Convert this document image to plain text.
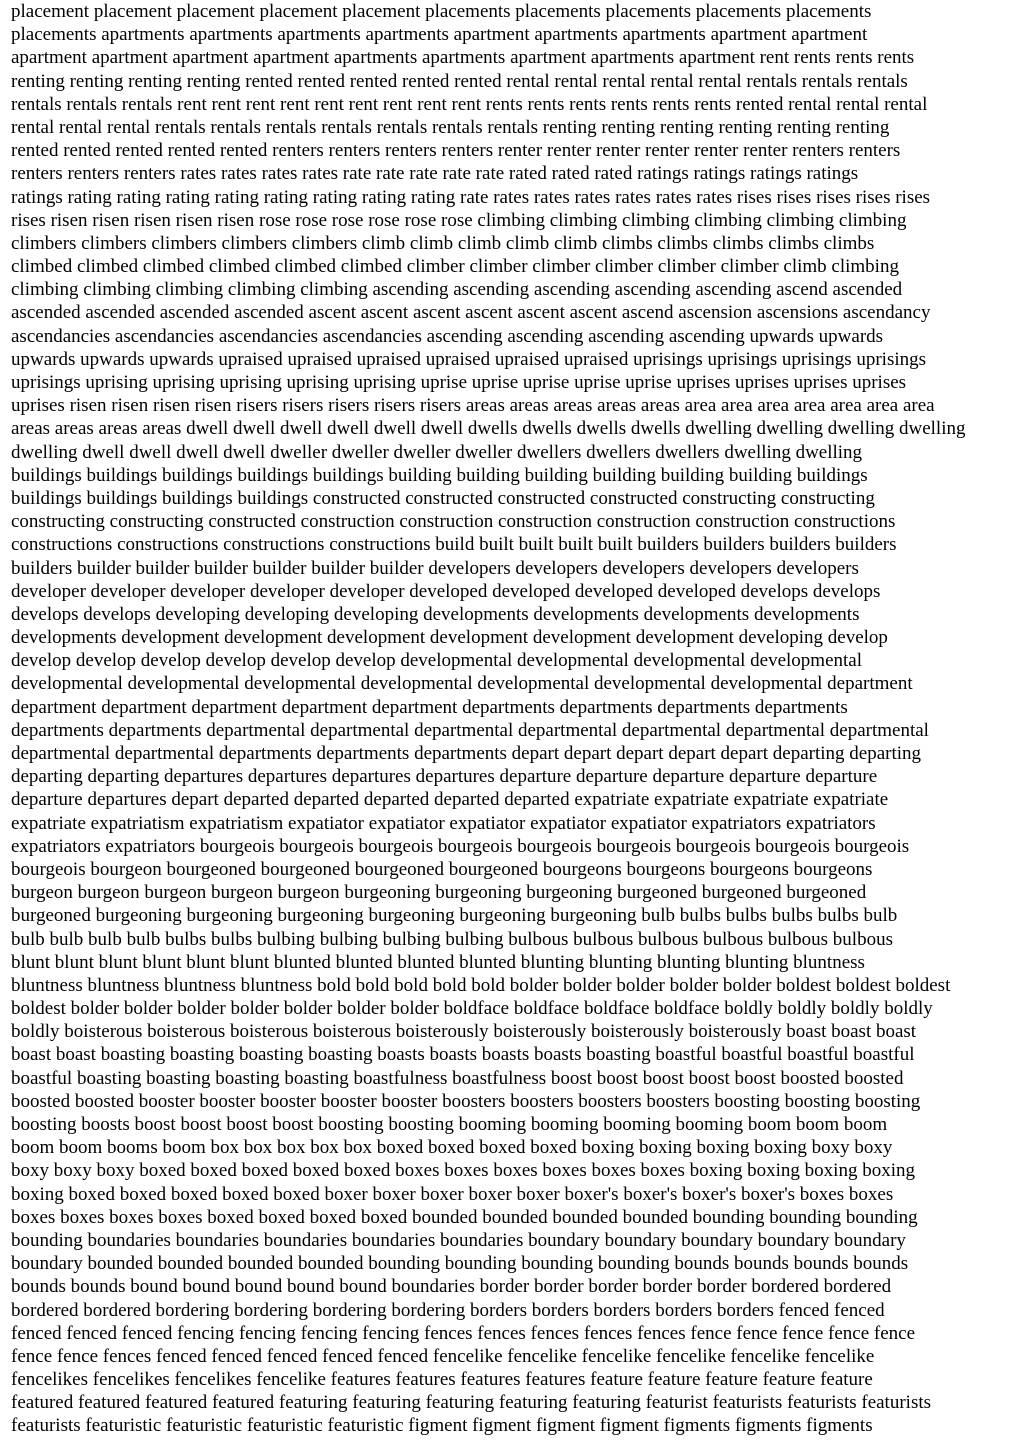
placement placement placement placement placement placements placements placements placements placements
placements apartments apartments apartments apartments apartment apartments apartments apartment apartment
apartment apartment apartment apartment apartments apartments apartment apartments apartment rent rents rents rents
renting renting renting renting rented rented rented rented rented rental rental rental rental rental rentals rentals rentals
rentals rentals rentals rent rent rent rent rent rent rent rent rent rents rents rents rents rents rents rented rental rental rental
rental rental rental rentals rentals rentals rentals rentals rentals rentals renting renting renting renting renting renting
rented rented rented rented rented renters renters renters renters renter renter renter renter renter renter renters renters
renters renters renters rates rates rates rates rate rate rate rate rate rated rated rated ratings ratings ratings ratings
ratings rating rating rating rating rating rating rating rating rate rates rates rates rates rates rates rises rises rises rises rises
rises risen risen risen risen risen rose rose rose rose rose rose climbing climbing climbing climbing climbing climbing
climbers climbers climbers climbers climbers climb climb climb climb climb climbs climbs climbs climbs climbs
climbed climbed climbed climbed climbed climbed climber climber climber climber climber climber climb climbing
climbing climbing climbing climbing climbing ascending ascending ascending ascending ascending ascend ascended
ascended ascended ascended ascended ascent ascent ascent ascent ascent ascent ascend ascension ascensions ascendancy
ascendancies ascendancies ascendancies ascendancies ascending ascending ascending ascending upwards upwards
upwards upwards upwards upraised upraised upraised upraised upraised upraised uprisings uprisings uprisings uprisings
uprisings uprising uprising uprising uprising uprising uprise uprise uprise uprise uprise uprises uprises uprises uprises
uprises risen risen risen risen risers risers risers risers risers areas areas areas areas areas area area area area area area area
areas areas areas areas dwell dwell dwell dwell dwell dwell dwells dwells dwells dwells dwelling dwelling dwelling dwelling
dwelling dwell dwell dwell dwell dweller dweller dweller dweller dwellers dwellers dwellers dwelling dwelling
buildings buildings buildings buildings buildings building building building building building building buildings
buildings buildings buildings buildings constructed constructed constructed constructed constructing constructing
constructing constructing constructed construction construction construction construction construction constructions
constructions constructions constructions constructions build built built built built builders builders builders builders
builders builder builder builder builder builder builder developers developers developers developers developers
developer developer developer developer developer developed developed developed developed develops develops
develops develops developing developing developing developments developments developments developments
developments development development development development development development developing develop
develop develop develop develop develop develop developmental developmental developmental developmental
developmental developmental developmental developmental developmental developmental developmental department
department department department department department departments departments departments departments
departments departments departmental departmental departmental departmental departmental departmental departmental
departmental departmental departments departments departments depart depart depart depart depart departing departing
departing departing departures departures departures departures departure departure departure departure departure
departure departures depart departed departed departed departed departed expatriate expatriate expatriate expatriate
expatriate expatriatism expatriatism expatiator expatiator expatiator expatiator expatiator expatriators expatriators
expatriators expatriators bourgeois bourgeois bourgeois bourgeois bourgeois bourgeois bourgeois bourgeois bourgeois
bourgeois bourgeon bourgeoned bourgeoned bourgeoned bourgeoned bourgeons bourgeons bourgeons bourgeons
burgeon burgeon burgeon burgeon burgeon burgeoning burgeoning burgeoning burgeoned burgeoned burgeoned
burgeoned burgeoning burgeoning burgeoning burgeoning burgeoning burgeoning bulb bulbs bulbs bulbs bulbs bulb
bulb bulb bulb bulb bulbs bulbs bulbing bulbing bulbing bulbing bulbous bulbous bulbous bulbous bulbous bulbous
blunt blunt blunt blunt blunt blunt blunted blunted blunted blunted blunting blunting blunting blunting bluntness
bluntness bluntness bluntness bluntness bold bold bold bold bold bolder bolder bolder bolder bolder boldest boldest boldest
boldest bolder bolder bolder bolder bolder bolder bolder boldface boldface boldface boldface boldly boldly boldly boldly
boldly boisterous boisterous boisterous boisterous boisterously boisterously boisterously boisterously boast boast boast
boast boast boasting boasting boasting boasting boasts boasts boasts boasts boasting boastful boastful boastful boastful
boastful boasting boasting boasting boasting boastfulness boastfulness boost boost boost boost boost boosted boosted
boosted boosted booster booster booster booster booster boosters boosters boosters boosters boosting boosting boosting
boosting boosts boost boost boost boost boosting boosting booming booming booming booming boom boom boom
boom boom booms boom box box box box box boxed boxed boxed boxed boxing boxing boxing boxing boxy boxy
boxy boxy boxy boxed boxed boxed boxed boxed boxes boxes boxes boxes boxes boxes boxing boxing boxing boxing
boxing boxed boxed boxed boxed boxed boxer boxer boxer boxer boxer boxer's boxer's boxer's boxer's boxes boxes
boxes boxes boxes boxes boxed boxed boxed boxed bounded bounded bounded bounded bounding bounding bounding
bounding boundaries boundaries boundaries boundaries boundaries boundary boundary boundary boundary boundary
boundary bounded bounded bounded bounded bounding bounding bounding bounding bounds bounds bounds bounds
bounds bounds bound bound bound bound bound boundaries border border border border border bordered bordered
bordered bordered bordering bordering bordering bordering borders borders borders borders borders fenced fenced
fenced fenced fenced fencing fencing fencing fencing fences fences fences fences fences fence fence fence fence fence
fence fence fences fenced fenced fenced fenced fenced fencelike fencelike fencelike fencelike fencelike fencelike
fencelikes fencelikes fencelikes fencelike features features features features feature feature feature feature feature
featured featured featured featured featuring featuring featuring featuring featuring featurist featurists featurists featurists
featurists featuristic featuristic featuristic featuristic figment figment figment figment figments figments figments
